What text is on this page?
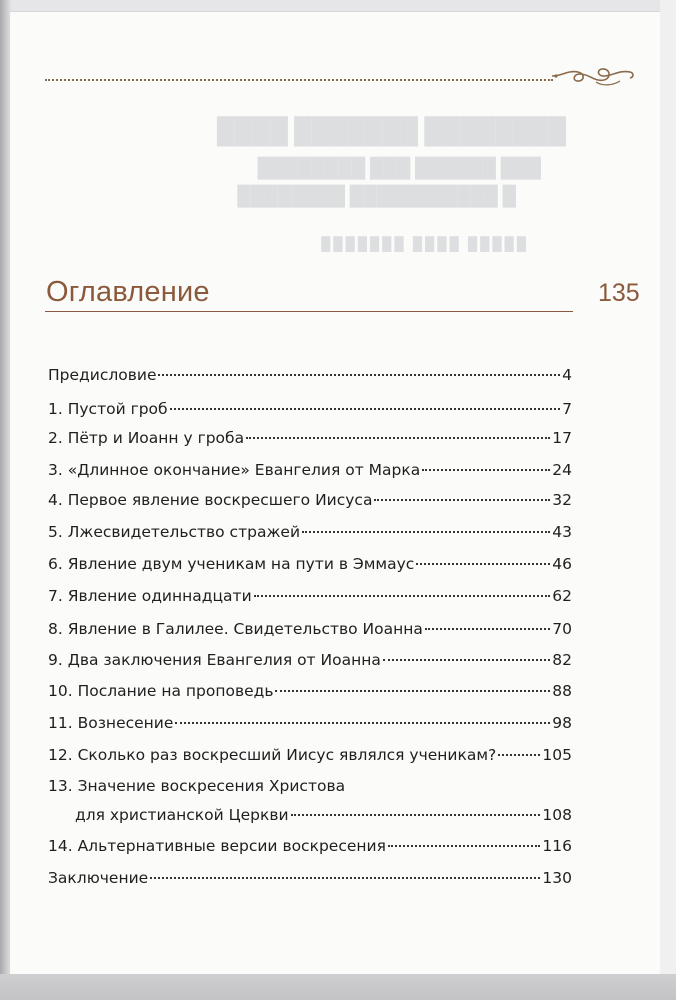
████████ ███████ ████
███ ██████ ███ ████████
█ ███████████ ████████
█████ ████ ███████
Оглавление	135
Предисловие	4
1. Пустой гроб	7
2. Пётр и Иоанн у гроба	17
3. «Длинное окончание» Евангелия от Марка	24
4. Первое явление воскресшего Иисуса	32
5. Лжесвидетельство стражей	43
6. Явление двум ученикам на пути в Эммаус	46
7. Явление одиннадцати	62
8. Явление в Галилее. Свидетельство Иоанна	70
9. Два заключения Евангелия от Иоанна	82
10. Послание на проповедь	88
11. Вознесение	98
12. Сколько раз воскресший Иисус являлся ученикам?	105
13. Значение воскресения Христова
для христианской Церкви	108
14. Альтернативные версии воскресения	116
Заключение	130
